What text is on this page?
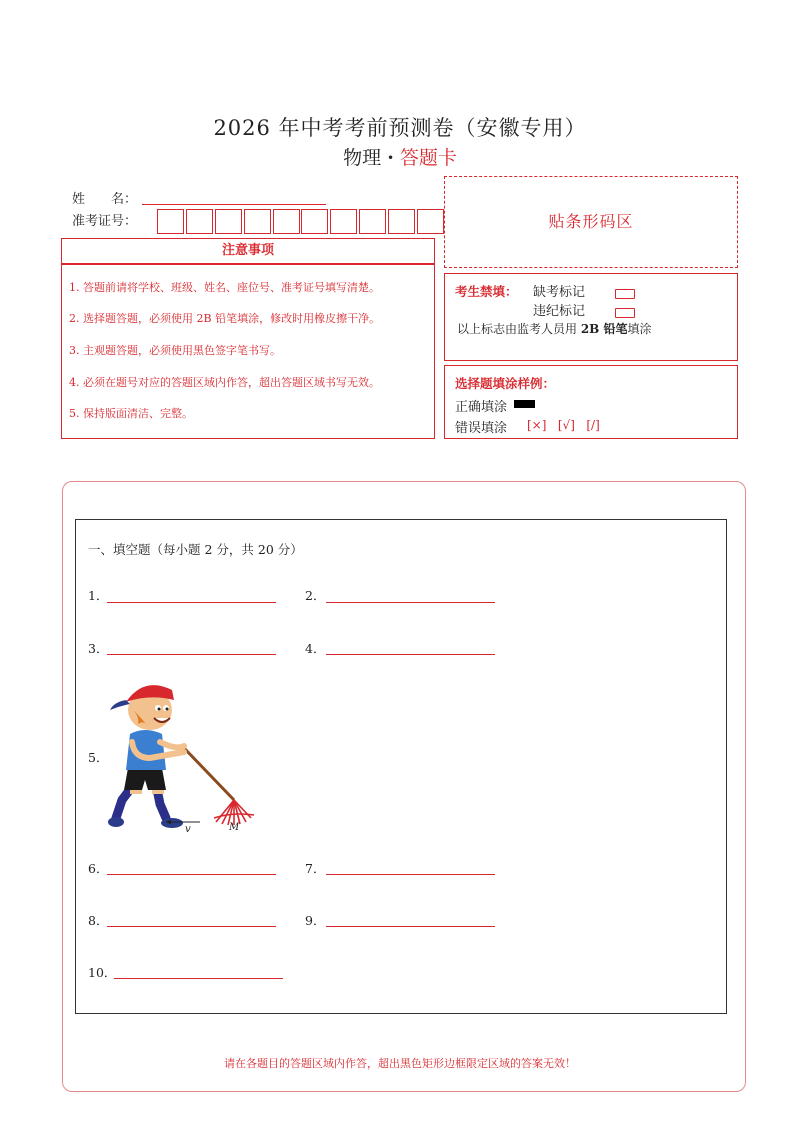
2026 年中考考前预测卷（安徽专用）
物理 · 答题卡
姓　　名：
准考证号：
注意事项
1. 答题前请将学校、班级、姓名、座位号、准考证号填写清楚。
2. 选择题答题，必须使用 2B 铅笔填涂，修改时用橡皮擦干净。
3. 主观题答题，必须使用黑色签字笔书写。
4. 必须在题号对应的答题区域内作答，超出答题区域书写无效。
5. 保持版面清洁、完整。
贴条形码区
考生禁填： 缺考标记
违纪标记
以上标志由监考人员用 2B 铅笔填涂
选择题填涂样例：
正确填涂
错误填涂 [×] [√] [/]
一、填空题（每小题 2 分，共 20 分）
1．	2．
3．	4．
5．
v	M
6．	7．
8．	9．
10．
请在各题目的答题区域内作答，超出黑色矩形边框限定区域的答案无效！
